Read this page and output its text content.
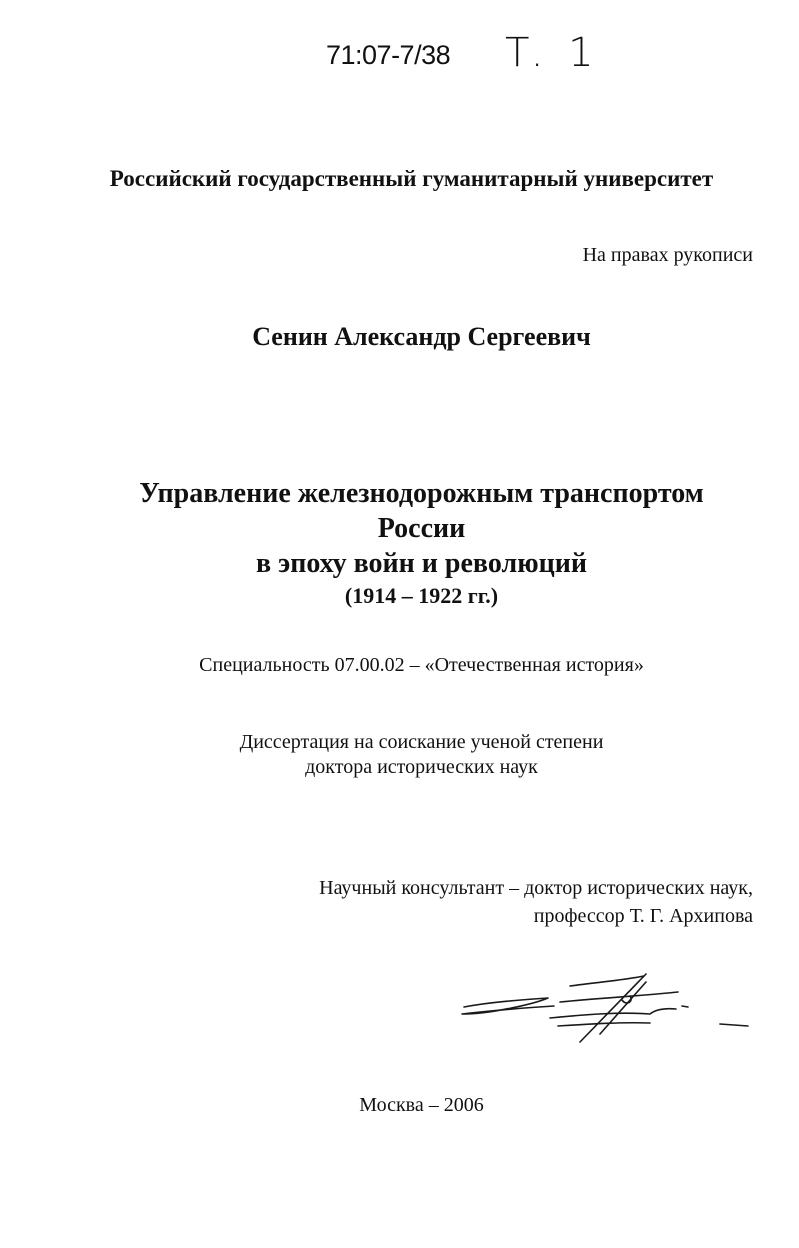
71:07-7/38 T. 1
Российский государственный гуманитарный университет
На правах рукописи
Сенин Александр Сергеевич
Управление железнодорожным транспортом
России
в эпоху войн и революций
(1914 – 1922 гг.)
Специальность 07.00.02 – «Отечественная история»
Диссертация на соискание ученой степени
доктора исторических наук
Научный консультант – доктор исторических наук,
профессор Т. Г. Архипова
Москва – 2006
